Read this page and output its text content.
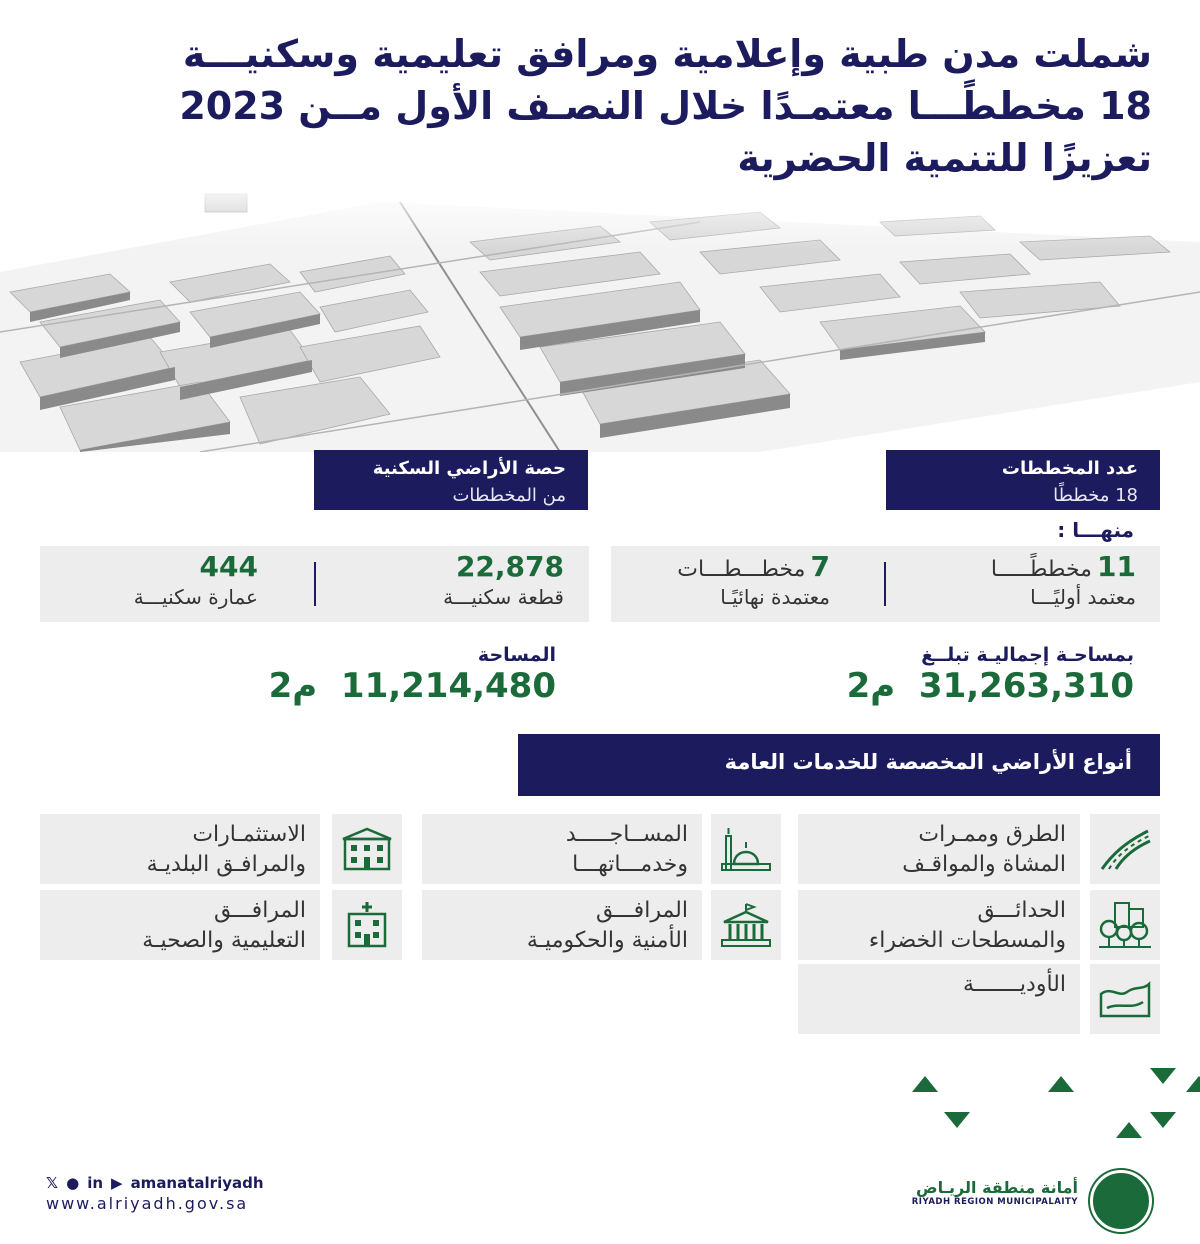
شملت مدن طبية وإعلامية ومرافق تعليمية وسكنيـــة
18 مخططًـــا معتمـدًا خلال النصـف الأول مــن 2023
تعزيزًا للتنمية الحضرية
عدد المخططات
18 مخططًا
حصة الأراضي السكنية
من المخططات
منهـــا :
11 مخططًـــــا
معتمد أوليًـــا
7 مخطـــطـــات
معتمدة نهائيًـا
22,878
قطعة سكنيـــة
444
عمارة سكنيـــة
بمساحـة إجماليـة تبلــغ
31,263,310  م2
المساحة
11,214,480  م2
أنواع الأراضي المخصصة للخدمات العامة
الطرق وممـرات
المشاة والمواقـف
المســاجـــــد
وخدمـــاتهـــا
الاستثمـارات
والمرافـق البلديـة
الحدائـــق
والمسطحات الخضراء
المرافـــق
الأمنية والحكوميـة
المرافـــق
التعليمية والصحيـة
الأوديـــــــة
أمانة منطقة الريـاض
RIYADH REGION MUNICIPALAITY
𝕏 ● in ▶ amanatalriyadh
www.alriyadh.gov.sa
